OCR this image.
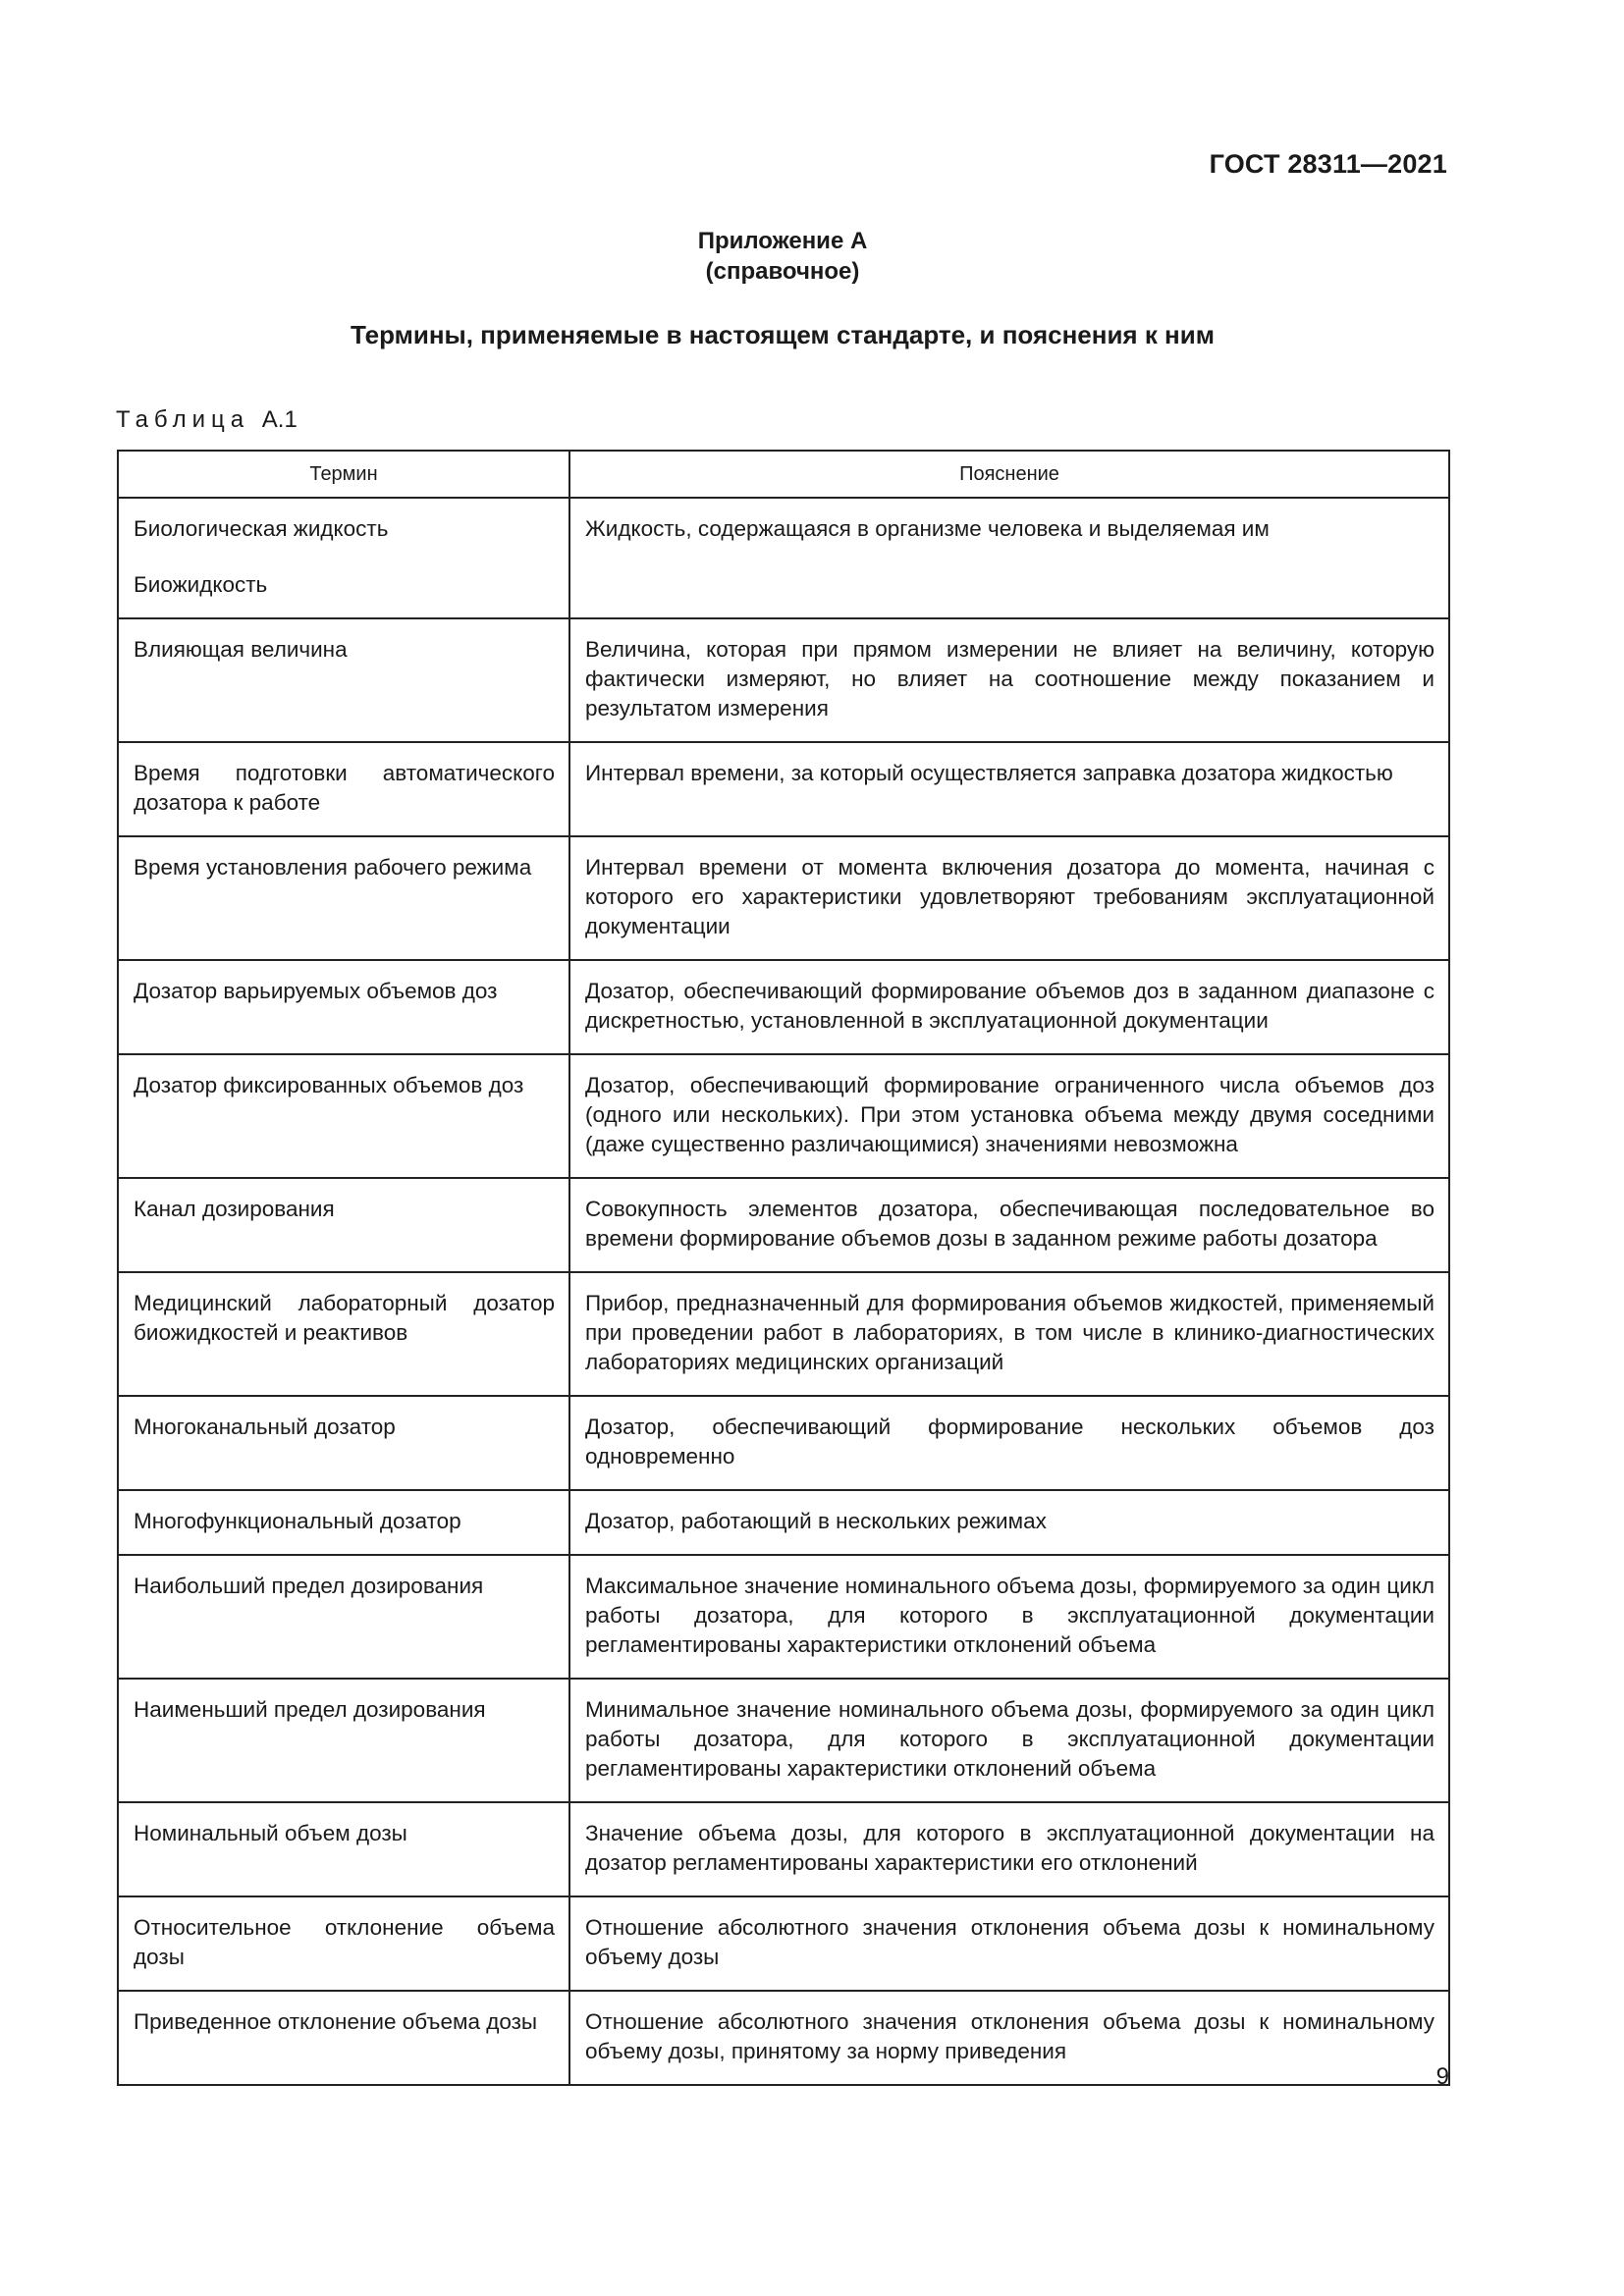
ГОСТ 28311—2021
Приложение А
(справочное)
Термины, применяемые в настоящем стандарте, и пояснения к ним
Таблица А.1
Термин	Пояснение

Биологическая жидкость
Биожидкость	Жидкость, содержащаяся в организме человека и выделяемая им

Влияющая величина	Величина, которая при прямом измерении не влияет на величину, которую фактически измеряют, но влияет на соотношение между показанием и результатом измерения

Время подготовки автоматического дозатора к работе	Интервал времени, за который осуществляется заправка дозатора жидкостью

Время установления рабочего режима	Интервал времени от момента включения дозатора до момента, начиная с которого его характеристики удовлетворяют требованиям эксплуатационной документации

Дозатор варьируемых объемов доз	Дозатор, обеспечивающий формирование объемов доз в заданном диапазоне с дискретностью, установленной в эксплуатационной документации

Дозатор фиксированных объемов доз	Дозатор, обеспечивающий формирование ограниченного числа объемов доз (одного или нескольких). При этом установка объема между двумя соседними (даже существенно различающимися) значениями невозможна

Канал дозирования	Совокупность элементов дозатора, обеспечивающая последовательное во времени формирование объемов дозы в заданном режиме работы дозатора

Медицинский лабораторный дозатор биожидкостей и реактивов	Прибор, предназначенный для формирования объемов жидкостей, применяемый при проведении работ в лабораториях, в том числе в клинико-диагностических лабораториях медицинских организаций

Многоканальный дозатор	Дозатор, обеспечивающий формирование нескольких объемов доз одновременно

Многофункциональный дозатор	Дозатор, работающий в нескольких режимах

Наибольший предел дозирования	Максимальное значение номинального объема дозы, формируемого за один цикл работы дозатора, для которого в эксплуатационной документации регламентированы характеристики отклонений объема

Наименьший предел дозирования	Минимальное значение номинального объема дозы, формируемого за один цикл работы дозатора, для которого в эксплуатационной документации регламентированы характеристики отклонений объема

Номинальный объем дозы	Значение объема дозы, для которого в эксплуатационной документации на дозатор регламентированы характеристики его отклонений

Относительное отклонение объема дозы	Отношение абсолютного значения отклонения объема дозы к номинальному объему дозы

Приведенное отклонение объема дозы	Отношение абсолютного значения отклонения объема дозы к номинальному объему дозы, принятому за норму приведения
9
